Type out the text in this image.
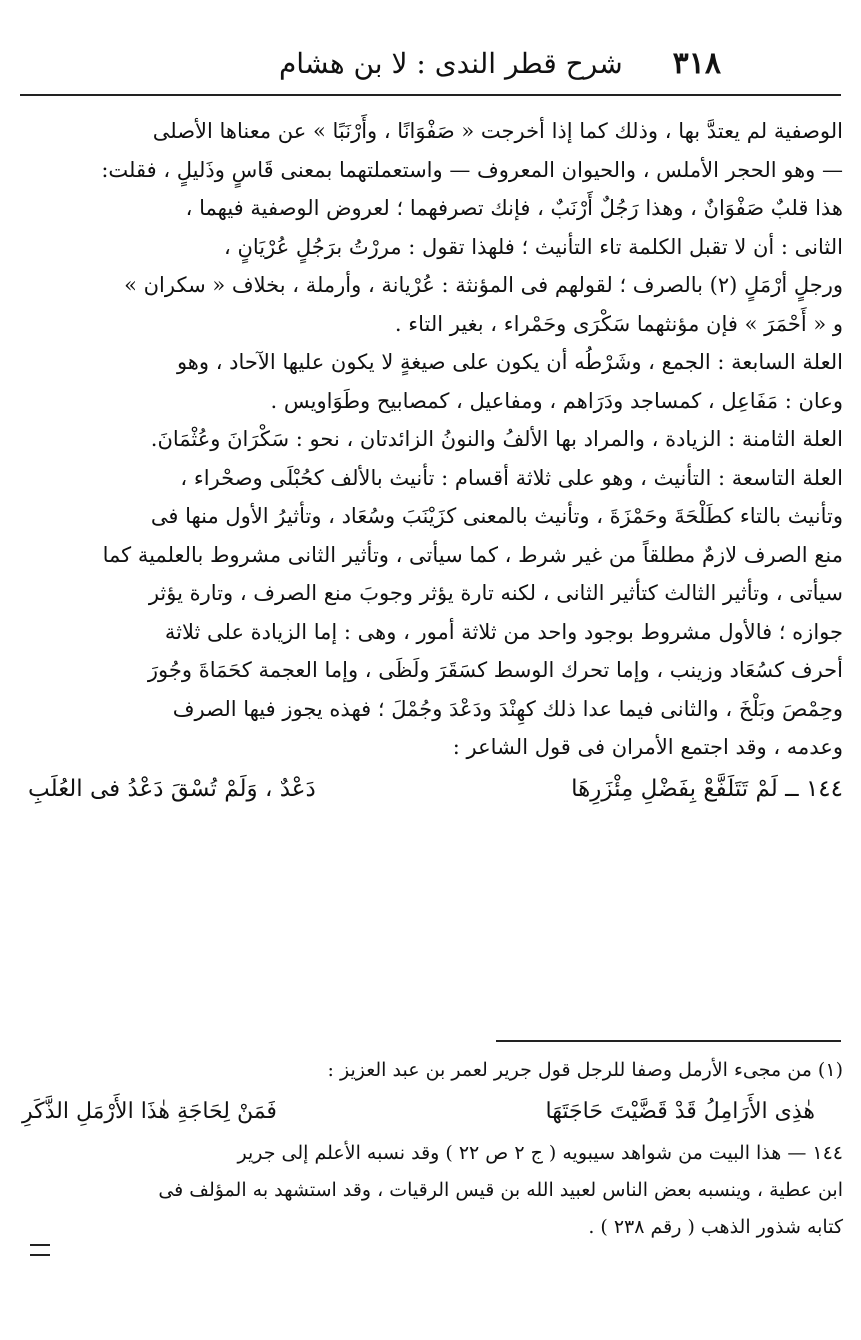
٣١٨
شرح قطر الندى : لا بن هشام

الوصفية لم يعتدَّ بها ، وذلك كما إذا أخرجت « صَفْوَانًا ، وأَرْنَبًا » عن معناها الأصلى

— وهو الحجر الأملس ، والحيوان المعروف — واستعملتهما بمعنى قَاسٍ وذَليلٍ ، فقلت:

هذا قلبٌ صَفْوَانٌ ، وهذا رَجُلٌ أَرْنَبٌ ، فإنك تصرفهما ؛ لعروض الوصفية فيهما ،

الثانى : أن لا تقبل الكلمة تاء التأنيث ؛ فلهذا تقول : مررْتُ برَجُلٍ عُرْيَانٍ ،

ورجلٍ أرْمَلٍ (٢) بالصرف ؛ لقولهم فى المؤنثة : عُرْيانة ، وأرملة ، بخلاف « سكران »

و « أَحْمَرَ » فإن مؤنثهما سَكْرَى وحَمْراء ، بغير التاء .

العلة السابعة : الجمع ، وشَرْطُه أن يكون على صيغةٍ لا يكون عليها الآحاد ، وهو

وعان : مَفَاعِل ، كمساجد ودَرَاهم ، ومفاعيل ، كمصابيح وطَوَاويس .

العلة الثامنة : الزيادة ، والمراد بها الألفُ والنونُ الزائدتان ، نحو : سَكْرَانَ وعُثْمَانَ.

العلة التاسعة : التأنيث ، وهو على ثلاثة أقسام : تأنيث بالألف كحُبْلَى وصحْراء ،

وتأنيث بالتاء كطَلْحَةَ وحَمْزَةَ ، وتأنيث بالمعنى كزَيْنَبَ وسُعَاد ، وتأثيرُ الأول منها فى

منع الصرف لازمٌ مطلقاً من غير شرط ، كما سيأتى ، وتأثير الثانى مشروط بالعلمية كما

سيأتى ، وتأثير الثالث كتأثير الثانى ، لكنه تارة يؤثر وجوبَ منع الصرف ، وتارة يؤثر

جوازه ؛ فالأول مشروط بوجود واحد من ثلاثة أمور ، وهى : إما الزيادة على ثلاثة

أحرف كسُعَاد وزينب ، وإما تحرك الوسط كسَقَرَ ولَظَى ، وإما العجمة كحَمَاةَ وجُورَ

وحِمْصَ وبَلْخَ ، والثانى فيما عدا ذلك كهِنْدَ ودَعْدَ وجُمْلَ ؛ فهذه يجوز فيها الصرف

وعدمه ، وقد اجتمع الأمران فى قول الشاعر :

١٤٤ ــ لَمْ تَتَلَفَّعْ بِفَضْلِ مِئْزَرِهَا
دَعْدٌ ، وَلَمْ تُسْقَ دَعْدُ فى العُلَبِ

(١) من مجىء الأرمل وصفا للرجل قول جرير لعمر بن عبد العزيز :

هٰذِى الأَرَامِلُ قَدْ قَضَّيْتَ حَاجَتَهَا
فَمَنْ لِحَاجَةِ هٰذَا الأَرْمَلِ الذَّكَرِ

١٤٤ — هذا البيت من شواهد سيبويه ( ج ٢ ص ٢٢ ) وقد نسبه الأعلم إلى جرير

ابن عطية ، وينسبه بعض الناس لعبيد الله بن قيس الرقيات ، وقد استشهد به المؤلف فى

كتابه شذور الذهب ( رقم ٢٣٨ ) .
